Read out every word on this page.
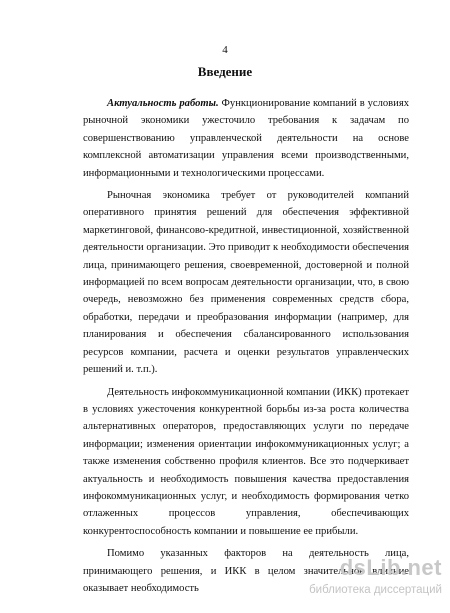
4
Введение

Актуальность работы. Функционирование компаний в условиях рыночной экономики ужесточило требования к задачам по совершенствованию управленческой деятельности на основе комплексной автоматизации управления всеми производственными, информационными и технологическими процессами.

Рыночная экономика требует от руководителей компаний оперативного принятия решений для обеспечения эффективной маркетинговой, финансово-кредитной, инвестиционной, хозяйственной деятельности организации. Это приводит к необходимости обеспечения лица, принимающего решения, своевременной, достоверной и полной информацией по всем вопросам деятельности организации, что, в свою очередь, невозможно без применения современных средств сбора, обработки, передачи и преобразования информации (например, для планирования и обеспечения сбалансированного использования ресурсов компании, расчета и оценки результатов управленческих решений и. т.п.).

Деятельность инфокоммуникационной компании (ИКК) протекает в условиях ужесточения конкурентной борьбы из-за роста количества альтернативных операторов, предоставляющих услуги по передаче информации; изменения ориентации инфокоммуникационных услуг; а также изменения собственно профиля клиентов. Все это подчеркивает актуальность и необходимость повышения качества предоставления инфокоммуникационных услуг, и необходимость формирования четко отлаженных процессов управления, обеспечивающих конкурентоспособность компании и повышение ее прибыли.

Помимо указанных факторов на деятельность лица, принимающего решения, и ИКК в целом значительное влияние оказывает необходимость

dsLib.net
библиотека диссертаций
